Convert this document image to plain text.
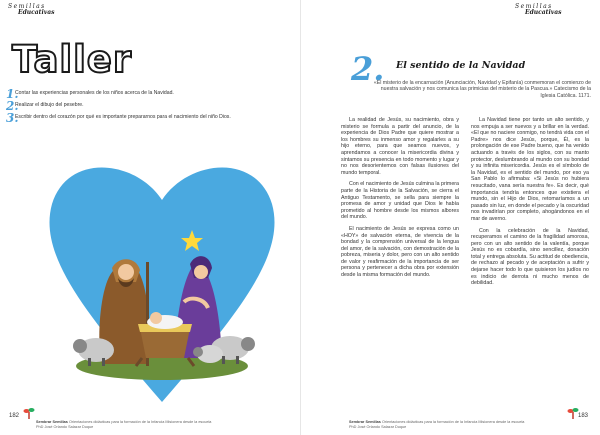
Semillas
Educativas
Taller
1.
Contar las experiencias personales de los niños acerca de la Navidad.
2.
Realizar el dibujo del pesebre.
3.
Escribir dentro del corazón por qué es importante prepararnos para el nacimiento del niño Dios.
182
Sembrar Semillas Orientaciones didácticas para la formación de la Infancia Misionera desde la escuela
PhD José Orlando Salazar Duque
Semillas
Educativas
2. El sentido de la Navidad
«El misterio de la encarnación (Anunciación, Navidad y Epifanía) conmemoran el comienzo de nuestra salvación y nos comunica las primicias del misterio de la Pascua.» Catecismo de la Iglesia Católica. 1171.

La realidad de Jesús, su nacimiento, obra y misterio se formula a partir del anuncio, de la experiencia de Dios Padre que quiere mostrar a los hombres su inmenso amor y regalarles a su hijo eterno, para que seamos nuevos, y aprendamos a conocer la misericordia divina y sintamos su presencia en todo momento y lugar y no nos desorientemos con falsas ilusiones del mundo temporal.

Con el nacimiento de Jesús culmina la primera parte de la Historia de la Salvación, se cierra el Antiguo Testamento, se sella para siempre la promesa de amor y unidad que Dios le había prometido al hombre desde los mismos albores del mundo.

El nacimiento de Jesús se expresa como un «HOY» de salvación eterna, de vivencia de la bondad y la comprensión universal de la lengua del amor, de la salvación, con demostración de la pobreza, miseria y dolor, pero con un alto sentido de valor y reafirmación de la importancia de ser persona y pertenecer a dicha obra por extensión desde la misma formación del mundo.

La Navidad tiene por tanto un alto sentido, y nos empuja a ser nuevos y a brillar en la verdad. «El que no naciere conmigo, no tendrá vida con el Padre» nos dice Jesús, porque, Él, es la prolongación de ese Padre bueno, que ha venido actuando a través de los siglos, con su manto protector, deslumbrando al mundo con su bondad y su infinita misericordia. Jesús es el símbolo de la Navidad, es el sentido del mundo, por eso ya San Pablo lo afirmaba: «Si Jesús no hubiera resucitado, vana sería nuestra fe». Es decir, qué importancia tendría entonces que existiera el mundo, sin el Hijo de Dios, retomaríamos a un pasado sin luz, en donde el pecado y la oscuridad nos invadirían por completo, ahogándonos en el mar de averno.

Con la celebración de la Navidad, recuperamos el camino de la fragilidad amorosa, pero con un alto sentido de la valentía, porque Jesús no es cobardía, sino sencillez, donación total y entrega absoluta. Su actitud de obediencia, de rechazo al pecado y de aceptación a sufrir y dejarse hacer todo lo que quisieron los judíos no es indicio de derrota ni mucho menos de debilidad.

Sembrar Semillas Orientaciones didácticas para la formación de la Infancia Misionera desde la escuela
PhD José Orlando Salazar Duque
183
